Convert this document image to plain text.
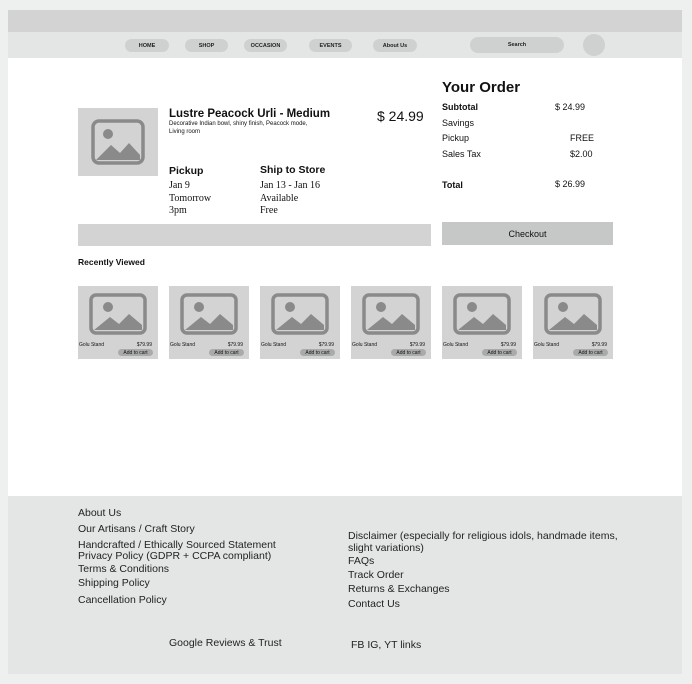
HOME	SHOP	OCCASION	EVENTS	About Us	Search
Lustre Peacock Urli - Medium
Decorative Indian bowl, shiny finish, Peacock mode, Living room
$ 24.99
Pickup
Jan 9
Tomorrow
3pm
Ship to Store
Jan 13 - Jan 16
Available
Free
Your Order
Subtotal	$ 24.99
Savings
Pickup	FREE
Sales Tax	$2.00
Total	$ 26.99
Checkout
Recently Viewed
Golu Stand	$79.99
Add to cart
Golu Stand	$79.99
Add to cart
Golu Stand	$79.99
Add to cart
Golu Stand	$79.99
Add to cart
Golu Stand	$79.99
Add to cart
Golu Stand	$79.99
Add to cart
About Us
Our Artisans / Craft Story
Handcrafted / Ethically Sourced Statement
Privacy Policy (GDPR + CCPA compliant)
Terms & Conditions
Shipping Policy
Cancellation Policy
Disclaimer (especially for religious idols, handmade items, slight variations)
FAQs
Track Order
Returns & Exchanges
Contact Us
Google Reviews & Trust	FB IG, YT links
